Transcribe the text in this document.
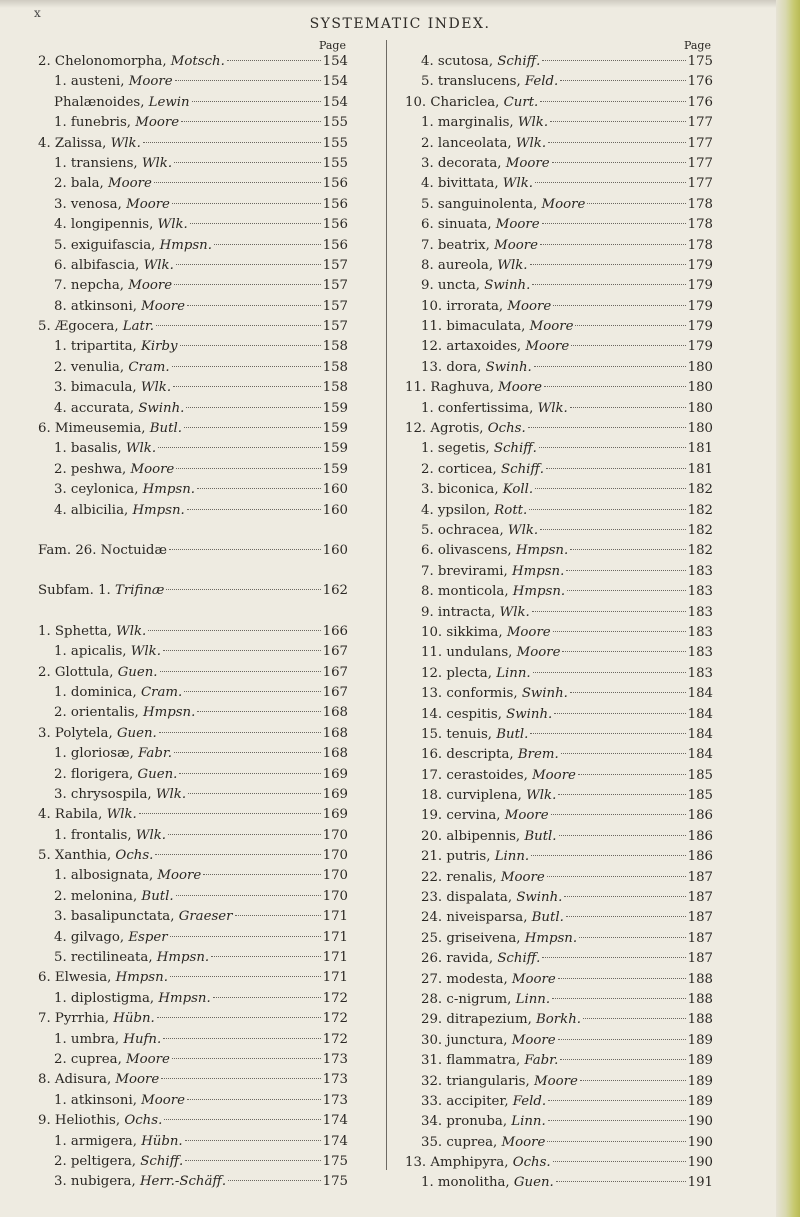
x
SYSTEMATIC INDEX.
Page
2. Chelonomorpha, Motsch.	154
1. austeni, Moore	154
Phalænoides, Lewin	154
1. funebris, Moore	155
4. Zalissa, Wlk.	155
1. transiens, Wlk.	155
2. bala, Moore	156
3. venosa, Moore	156
4. longipennis, Wlk.	156
5. exiguifascia, Hmpsn.	156
6. albifascia, Wlk.	157
7. nepcha, Moore	157
8. atkinsoni, Moore	157
5. Ægocera, Latr.	157
1. tripartita, Kirby	158
2. venulia, Cram.	158
3. bimacula, Wlk.	158
4. accurata, Swinh.	159
6. Mimeusemia, Butl.	159
1. basalis, Wlk.	159
2. peshwa, Moore	159
3. ceylonica, Hmpsn.	160
4. albicilia, Hmpsn.	160
Fam. 26. Noctuidæ	160
Subfam. 1. Trifinæ	162
1. Sphetta, Wlk.	166
1. apicalis, Wlk.	167
2. Glottula, Guen.	167
1. dominica, Cram.	167
2. orientalis, Hmpsn.	168
3. Polytela, Guen.	168
1. gloriosæ, Fabr.	168
2. florigera, Guen.	169
3. chrysospila, Wlk.	169
4. Rabila, Wlk.	169
1. frontalis, Wlk.	170
5. Xanthia, Ochs.	170
1. albosignata, Moore	170
2. melonina, Butl.	170
3. basalipunctata, Graeser	171
4. gilvago, Esper	171
5. rectilineata, Hmpsn.	171
6. Elwesia, Hmpsn.	171
1. diplostigma, Hmpsn.	172
7. Pyrrhia, Hübn.	172
1. umbra, Hufn.	172
2. cuprea, Moore	173
8. Adisura, Moore	173
1. atkinsoni, Moore	173
9. Heliothis, Ochs.	174
1. armigera, Hübn.	174
2. peltigera, Schiff.	175
3. nubigera, Herr.-Schäff.	175
Page
4. scutosa, Schiff.	175
5. translucens, Feld.	176
10. Chariclea, Curt.	176
1. marginalis, Wlk.	177
2. lanceolata, Wlk.	177
3. decorata, Moore	177
4. bivittata, Wlk.	177
5. sanguinolenta, Moore	178
6. sinuata, Moore	178
7. beatrix, Moore	178
8. aureola, Wlk.	179
9. uncta, Swinh.	179
10. irrorata, Moore	179
11. bimaculata, Moore	179
12. artaxoides, Moore	179
13. dora, Swinh.	180
11. Raghuva, Moore	180
1. confertissima, Wlk.	180
12. Agrotis, Ochs.	180
1. segetis, Schiff.	181
2. corticea, Schiff.	181
3. biconica, Koll.	182
4. ypsilon, Rott.	182
5. ochracea, Wlk.	182
6. olivascens, Hmpsn.	182
7. brevirami, Hmpsn.	183
8. monticola, Hmpsn.	183
9. intracta, Wlk.	183
10. sikkima, Moore	183
11. undulans, Moore	183
12. plecta, Linn.	183
13. conformis, Swinh.	184
14. cespitis, Swinh.	184
15. tenuis, Butl.	184
16. descripta, Brem.	184
17. cerastoides, Moore	185
18. curviplena, Wlk.	185
19. cervina, Moore	186
20. albipennis, Butl.	186
21. putris, Linn.	186
22. renalis, Moore	187
23. dispalata, Swinh.	187
24. niveisparsa, Butl.	187
25. griseivena, Hmpsn.	187
26. ravida, Schiff.	187
27. modesta, Moore	188
28. c-nigrum, Linn.	188
29. ditrapezium, Borkh.	188
30. junctura, Moore	189
31. flammatra, Fabr.	189
32. triangularis, Moore	189
33. accipiter, Feld.	189
34. pronuba, Linn.	190
35. cuprea, Moore	190
13. Amphipyra, Ochs.	190
1. monolitha, Guen.	191
